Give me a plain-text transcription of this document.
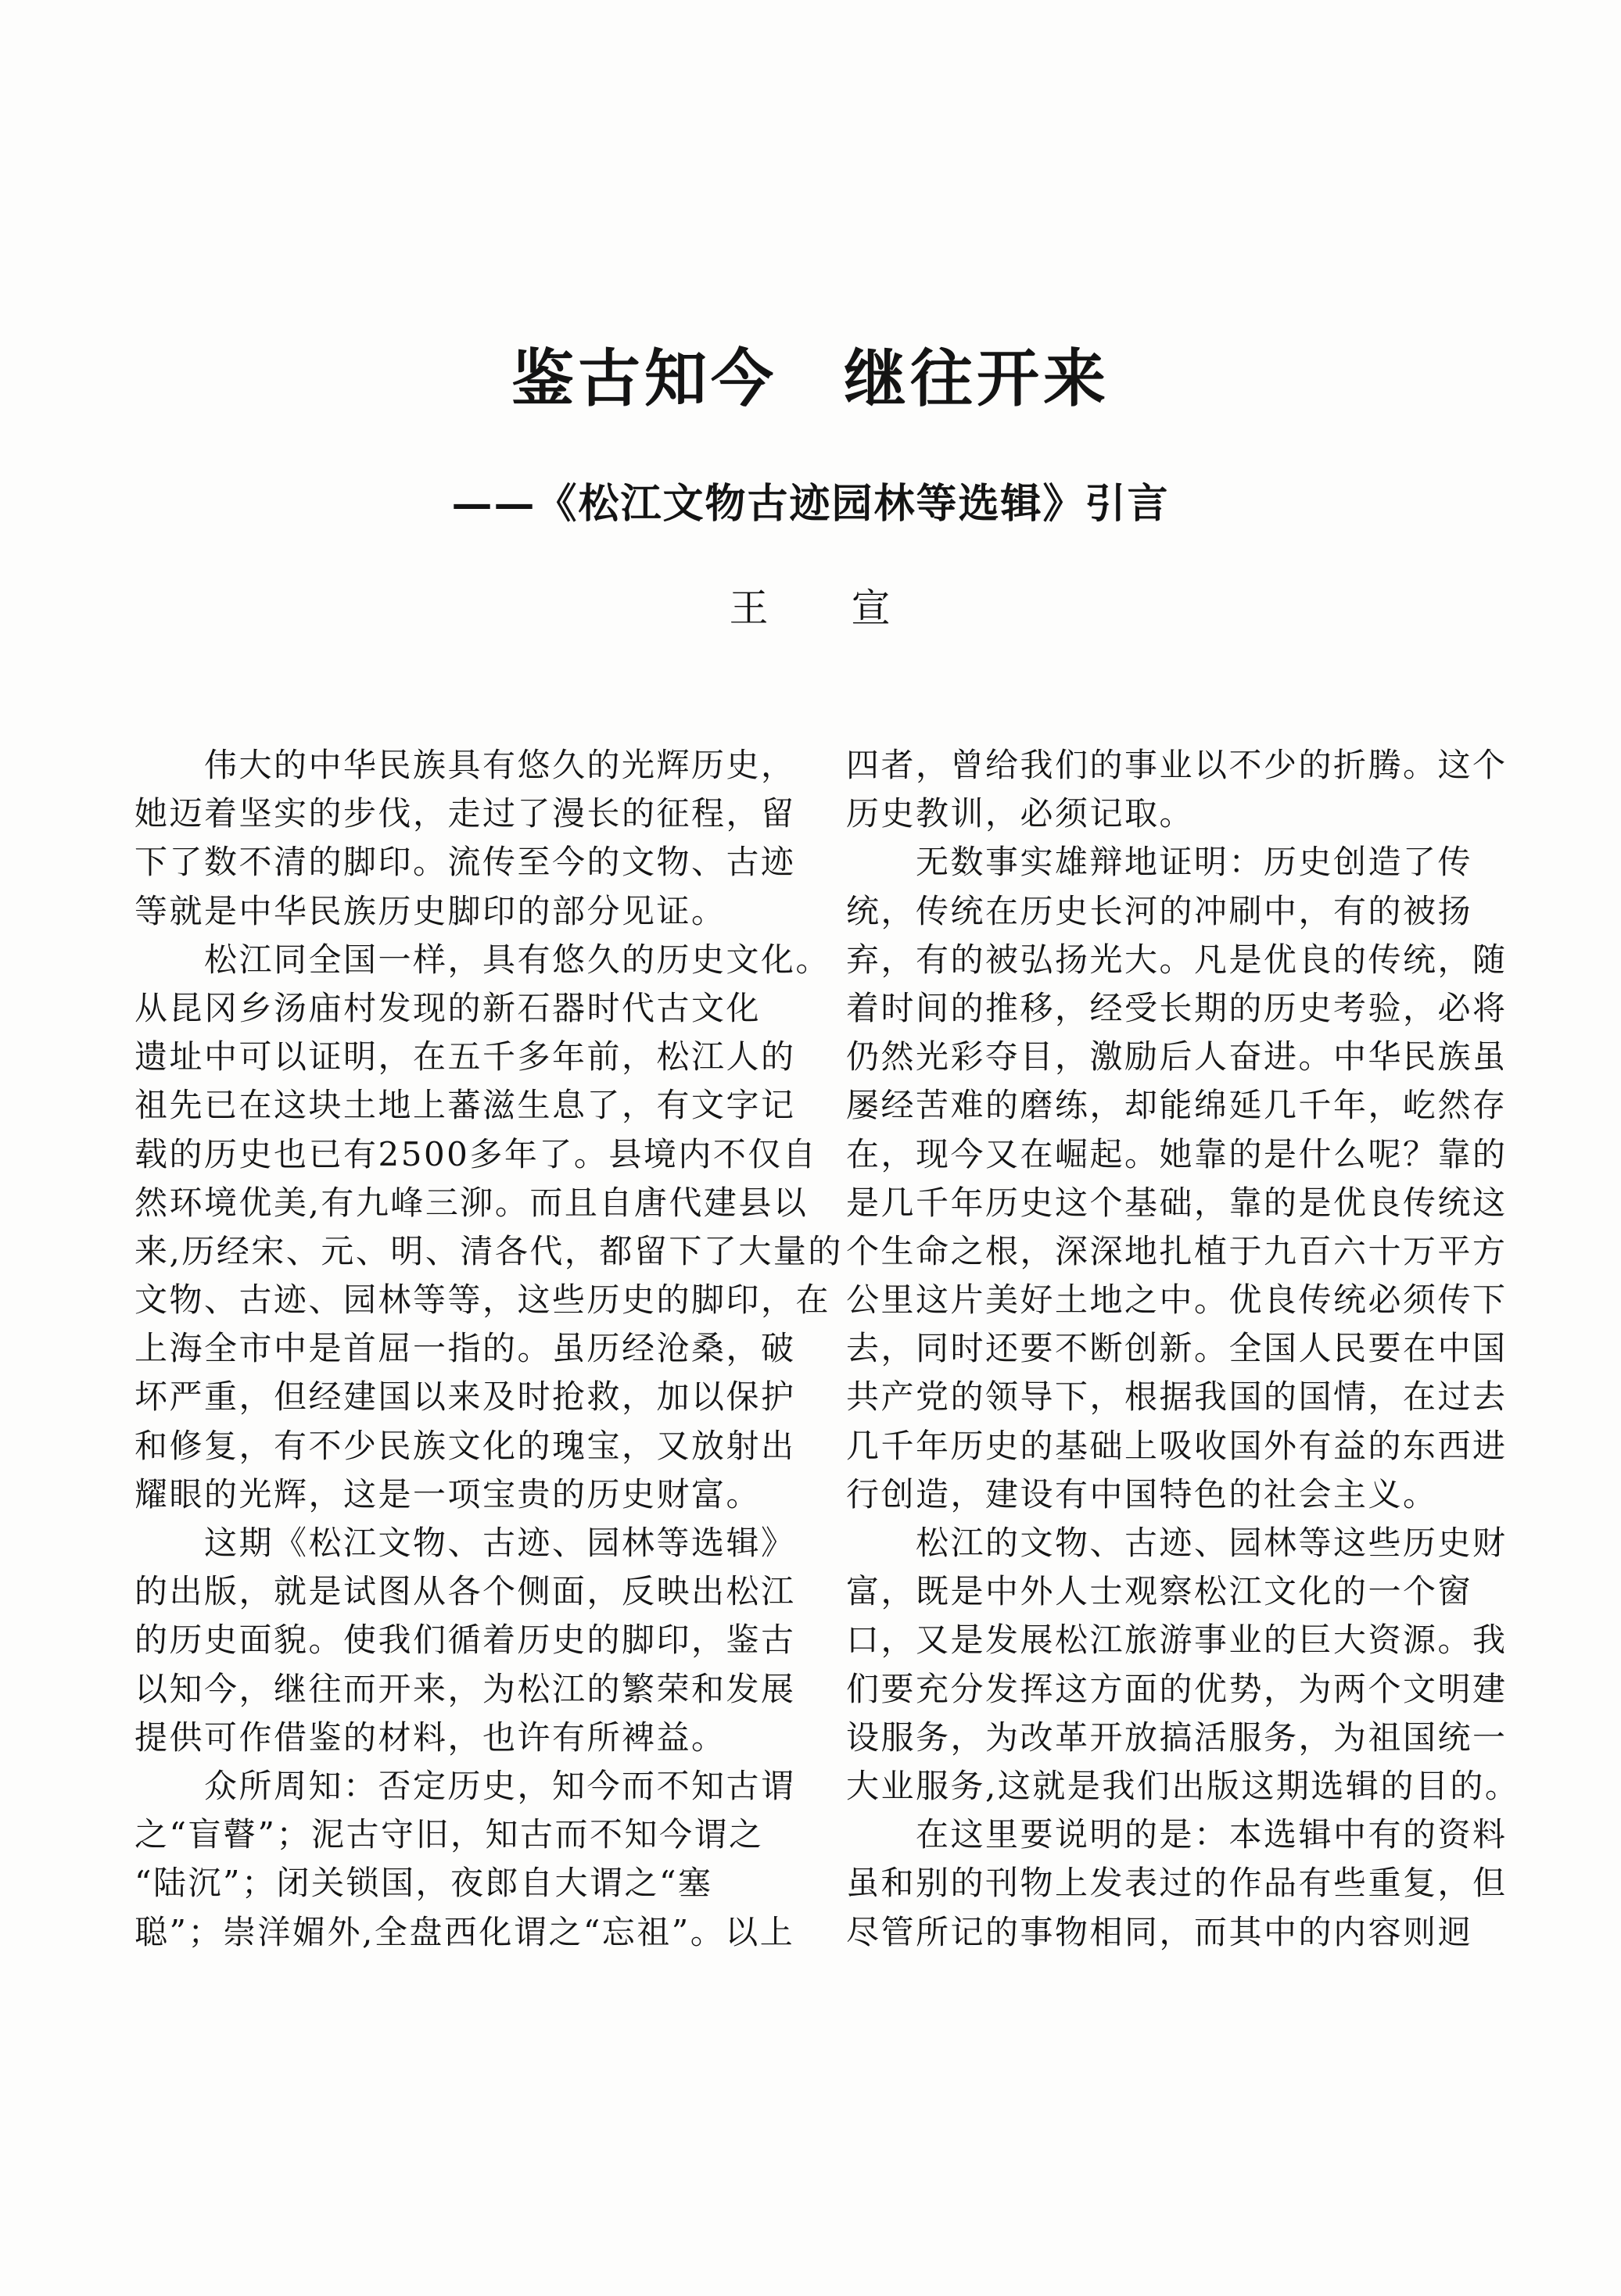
鉴古知今　继往开来
——《松江文物古迹园林等选辑》引言
王　　宣
　　伟大的中华民族具有悠久的光辉历史，
她迈着坚实的步伐，走过了漫长的征程，留
下了数不清的脚印。流传至今的文物、古迹
等就是中华民族历史脚印的部分见证。
　　松江同全国一样，具有悠久的历史文化。
从昆冈乡汤庙村发现的新石器时代古文化
遗址中可以证明，在五千多年前，松江人的
祖先已在这块土地上蕃滋生息了，有文字记
载的历史也已有2500多年了。县境内不仅自
然环境优美,有九峰三泖。而且自唐代建县以
来,历经宋、元、明、清各代，都留下了大量的
文物、古迹、园林等等，这些历史的脚印，在
上海全市中是首屈一指的。虽历经沧桑，破
坏严重，但经建国以来及时抢救，加以保护
和修复，有不少民族文化的瑰宝，又放射出
耀眼的光辉，这是一项宝贵的历史财富。
　　这期《松江文物、古迹、园林等选辑》
的出版，就是试图从各个侧面，反映出松江
的历史面貌。使我们循着历史的脚印，鉴古
以知今，继往而开来，为松江的繁荣和发展
提供可作借鉴的材料，也许有所裨益。
　　众所周知：否定历史，知今而不知古谓
之“盲瞽”；泥古守旧，知古而不知今谓之
“陆沉”；闭关锁国，夜郎自大谓之“塞
聪”；崇洋媚外,全盘西化谓之“忘祖”。以上
四者，曾给我们的事业以不少的折腾。这个
历史教训，必须记取。
　　无数事实雄辩地证明：历史创造了传
统，传统在历史长河的冲刷中，有的被扬
弃，有的被弘扬光大。凡是优良的传统，随
着时间的推移，经受长期的历史考验，必将
仍然光彩夺目，激励后人奋进。中华民族虽
屡经苦难的磨练，却能绵延几千年，屹然存
在，现今又在崛起。她靠的是什么呢？靠的
是几千年历史这个基础，靠的是优良传统这
个生命之根，深深地扎植于九百六十万平方
公里这片美好土地之中。优良传统必须传下
去，同时还要不断创新。全国人民要在中国
共产党的领导下，根据我国的国情，在过去
几千年历史的基础上吸收国外有益的东西进
行创造，建设有中国特色的社会主义。
　　松江的文物、古迹、园林等这些历史财
富，既是中外人士观察松江文化的一个窗
口，又是发展松江旅游事业的巨大资源。我
们要充分发挥这方面的优势，为两个文明建
设服务，为改革开放搞活服务，为祖国统一
大业服务,这就是我们出版这期选辑的目的。
　　在这里要说明的是：本选辑中有的资料
虽和别的刊物上发表过的作品有些重复，但
尽管所记的事物相同，而其中的内容则迥
